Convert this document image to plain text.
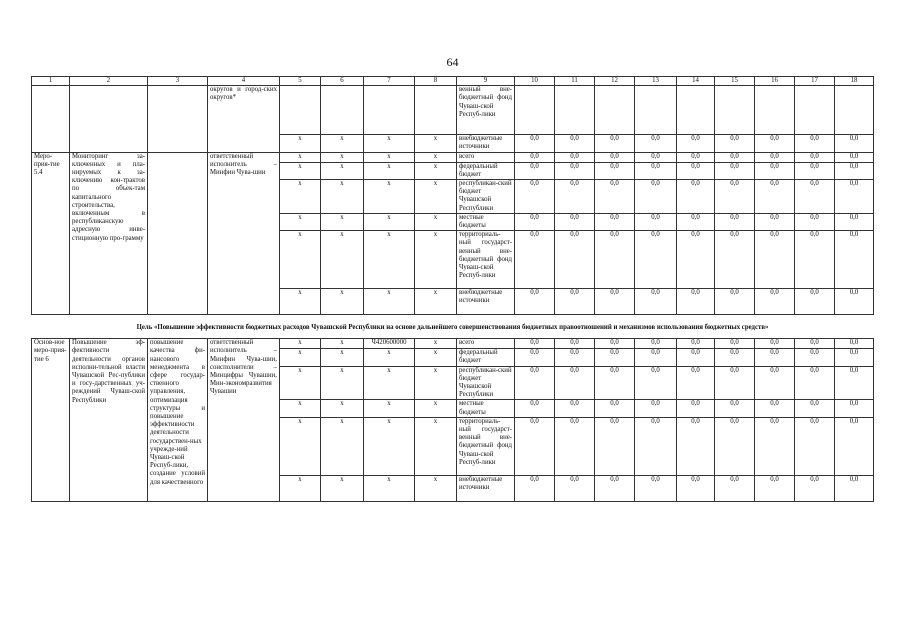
64
1	2	3	4	5	6	7	8	9	10	11	12	13	14	15	16	17	18
			округов и город-ских округов*					венный вне-бюджетный фонд Чуваш-ской Респуб-лики									
				x	x	x	x	внебюджетные источники	0,0	0,0	0,0	0,0	0,0	0,0	0,0	0,0	0,0
Меро-прия-тие 5.4	Мониторинг за-ключенных и пла-нируемых к за-ключению кон-трактов по объек-там капитального строительства, включенным в республиканскую адресную инве-стиционную про-грамму		ответственный исполнитель – Минфин Чува-шии	x	x	x	x	всего	0,0	0,0	0,0	0,0	0,0	0,0	0,0	0,0	0,0
				x	x	x	x	федеральный бюджет	0,0	0,0	0,0	0,0	0,0	0,0	0,0	0,0	0,0
				x	x	x	x	республикан-ский бюджет Чувашской Республики	0,0	0,0	0,0	0,0	0,0	0,0	0,0	0,0	0,0
				x	x	x	x	местные бюджеты	0,0	0,0	0,0	0,0	0,0	0,0	0,0	0,0	0,0
				x	x	x	x	территориаль-ный государст-венный вне-бюджетный фонд Чуваш-ской Респуб-лики	0,0	0,0	0,0	0,0	0,0	0,0	0,0	0,0	0,0
				x	x	x	x	внебюджетные источники	0,0	0,0	0,0	0,0	0,0	0,0	0,0	0,0	0,0
Цель «Повышение эффективности бюджетных расходов Чувашской Республики на основе дальнейшего совершенствования бюджетных правоотношений и механизмов использования бюджетных средств»																	
Основ-ное меро-прия-тие 6	Повышение эф-фективности деятельности органов исполни-тельной власти Чувашской Рес-публики и госу-дарственных уч-реждений Чуваш-ской Республики	повышение качества фи-нансового менеджмента в сфере государ-ственного управления, оптимизация структуры и повышение эффективности деятельности государствен-ных учрежде-ний Чуваш-ской Респуб-лики, создание условий для качественного	ответственный исполнитель – Минфин Чува-шии, соисполнители – Минцифры Чувашии, Мин-экономразвития Чувашии	x	x	Ч420600000	x	всего	0,0	0,0	0,0	0,0	0,0	0,0	0,0	0,0	0,0
				x	x	x	x	федеральный бюджет	0,0	0,0	0,0	0,0	0,0	0,0	0,0	0,0	0,0
				x	x	x	x	республикан-ский бюджет Чувашской Республики	0,0	0,0	0,0	0,0	0,0	0,0	0,0	0,0	0,0
				x	x	x	x	местные бюджеты	0,0	0,0	0,0	0,0	0,0	0,0	0,0	0,0	0,0
				x	x	x	x	территориаль-ный государст-венный вне-бюджетный фонд Чуваш-ской Респуб-лики	0,0	0,0	0,0	0,0	0,0	0,0	0,0	0,0	0,0
				x	x	x	x	внебюджетные источники	0,0	0,0	0,0	0,0	0,0	0,0	0,0	0,0	0,0
